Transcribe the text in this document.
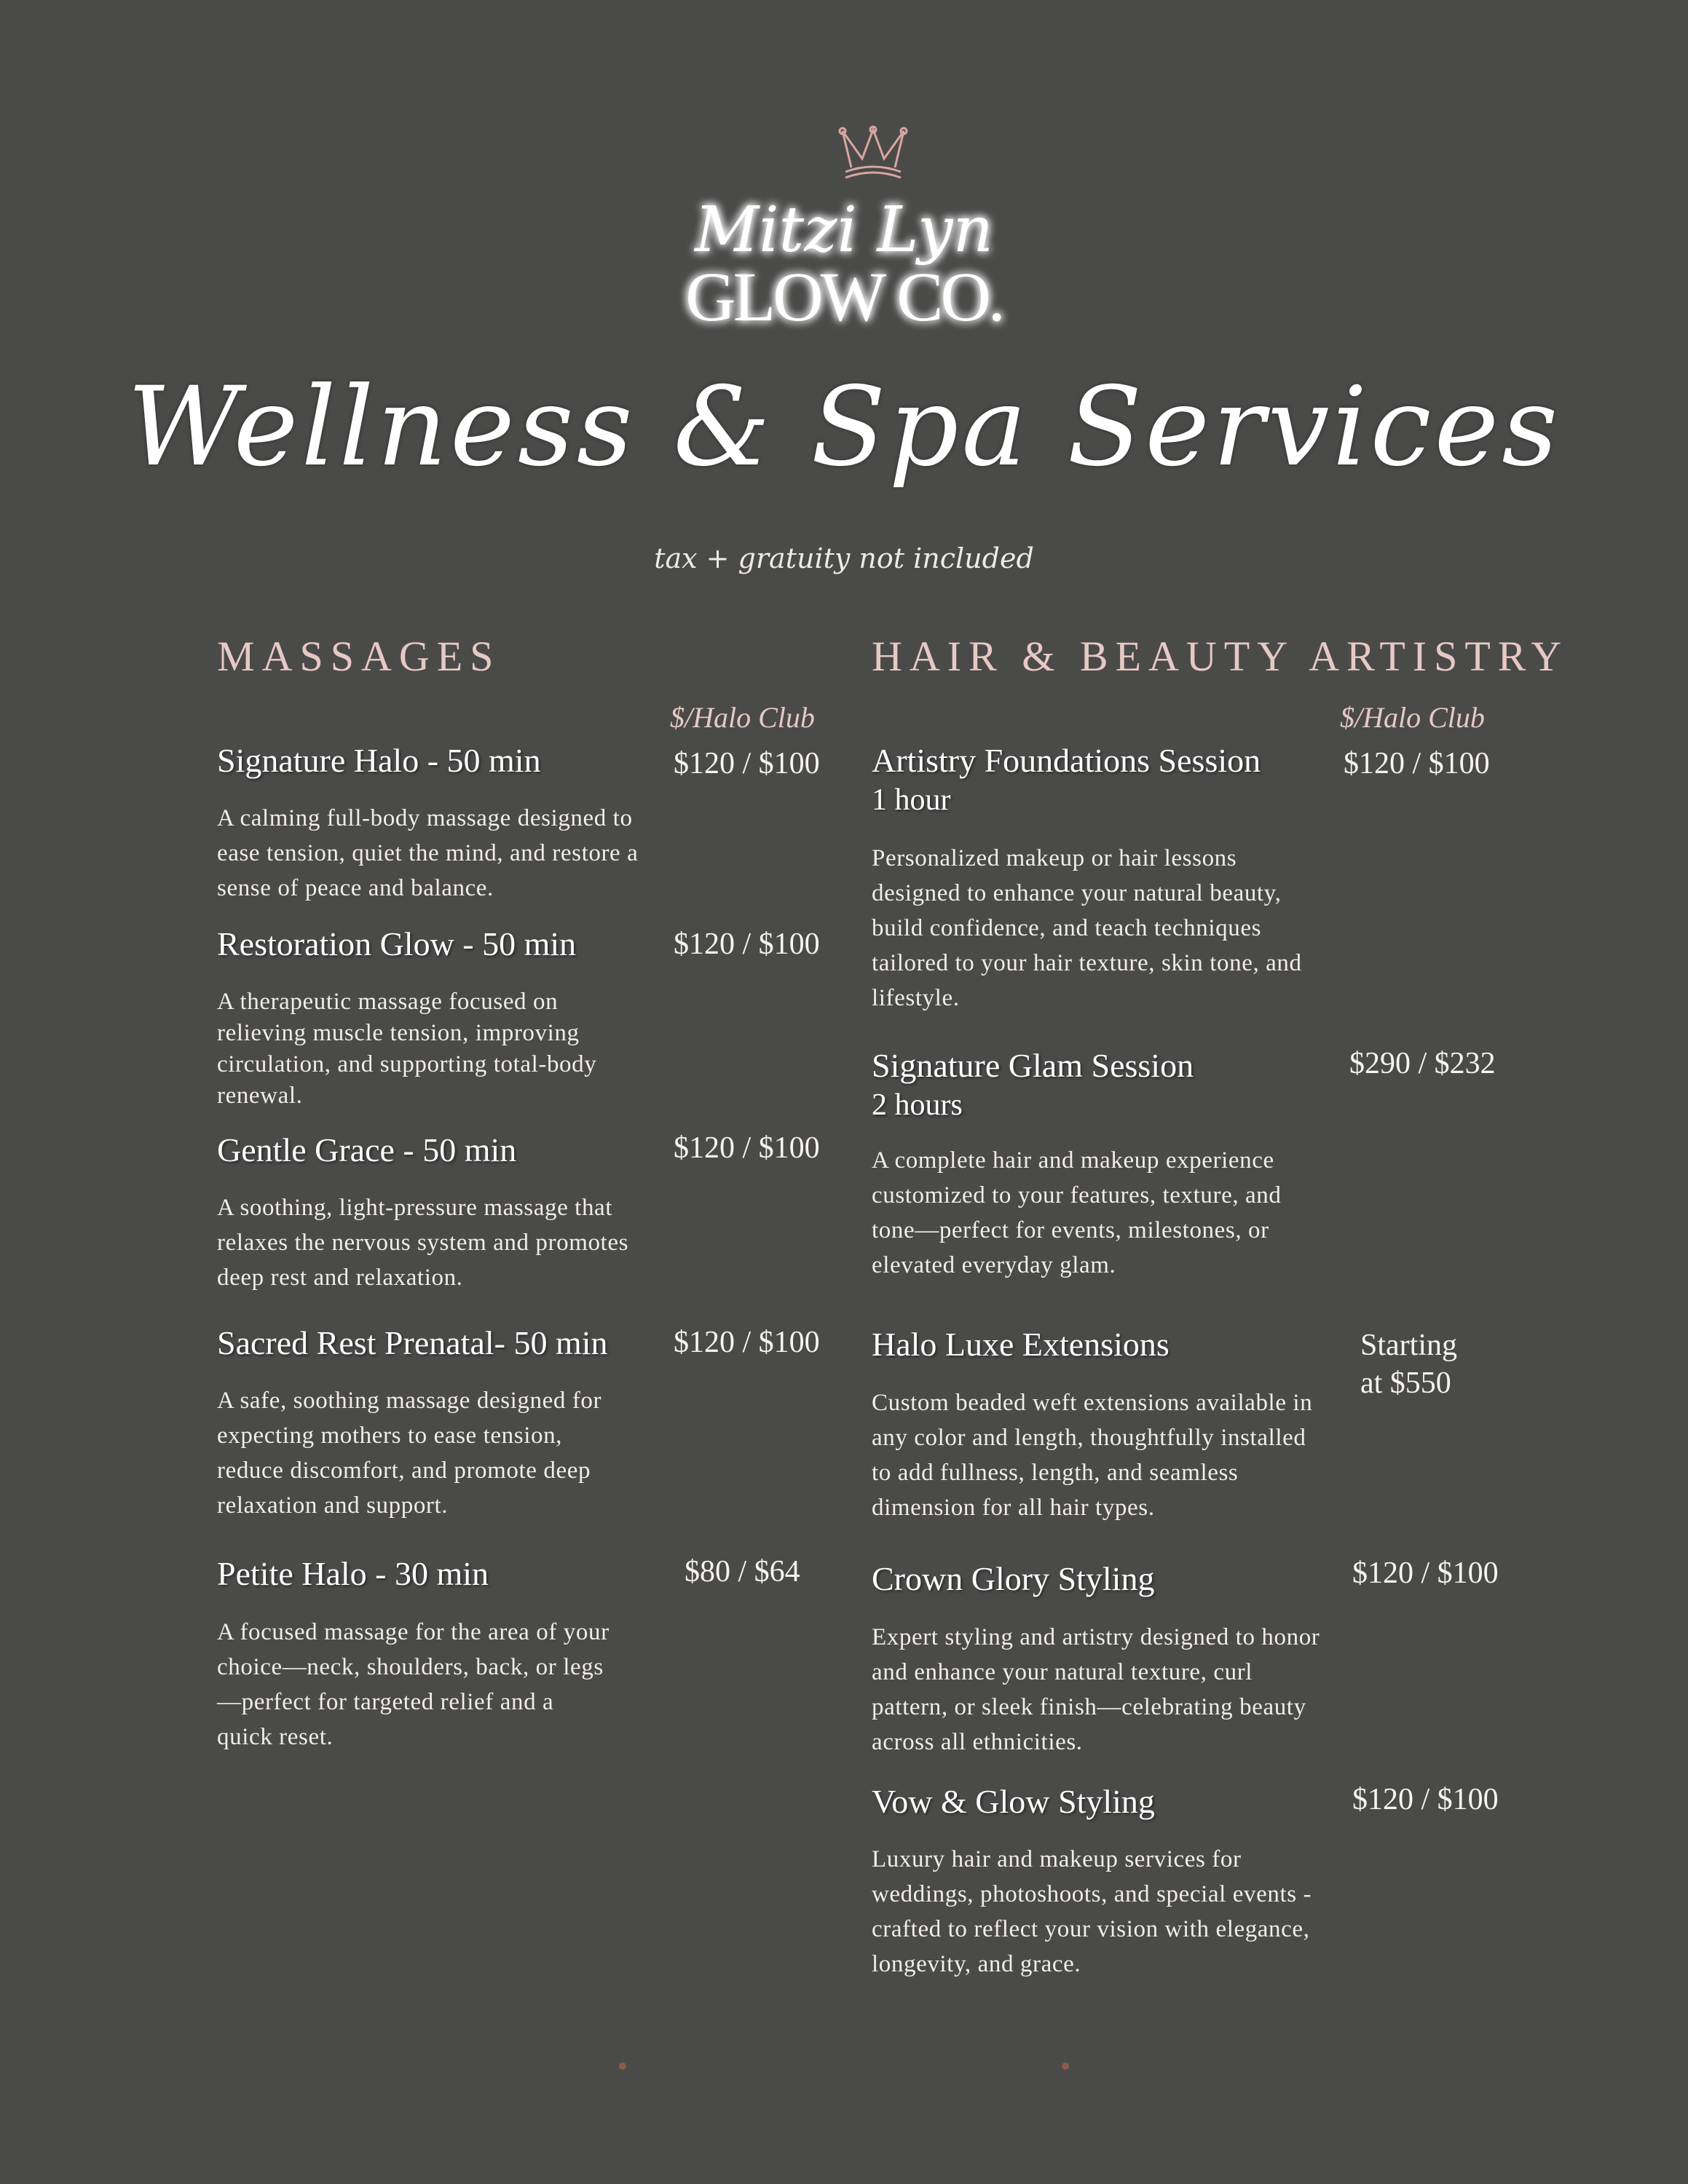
Mitzi Lyn
GLOW CO.
Wellness & Spa Services
tax + gratuity not included
MASSAGES
$/Halo Club
Signature Halo - 50 min	$120 / $100
A calming full-body massage designed to ease tension, quiet the mind, and restore a sense of peace and balance.
Restoration Glow - 50 min	$120 / $100
A therapeutic massage focused on relieving muscle tension, improving circulation, and supporting total-body renewal.
Gentle Grace - 50 min	$120 / $100
A soothing, light-pressure massage that relaxes the nervous system and promotes deep rest and relaxation.
Sacred Rest Prenatal- 50 min $120 / $100
A safe, soothing massage designed for expecting mothers to ease tension, reduce discomfort, and promote deep relaxation and support.
Petite Halo - 30 min	$80 / $64
A focused massage for the area of your choice—neck, shoulders, back, or legs—perfect for targeted relief and a quick reset.
HAIR & BEAUTY ARTISTRY
$/Halo Club
Artistry Foundations Session
1 hour
$120 / $100
Personalized makeup or hair lessons designed to enhance your natural beauty, build confidence, and teach techniques tailored to your hair texture, skin tone, and lifestyle.
Signature Glam Session
2 hours
$290 / $232
A complete hair and makeup experience customized to your features, texture, and tone—perfect for events, milestones, or elevated everyday glam.
Halo Luxe Extensions	Starting at $550
Custom beaded weft extensions available in any color and length, thoughtfully installed to add fullness, length, and seamless dimension for all hair types.
Crown Glory Styling	$120 / $100
Expert styling and artistry designed to honor and enhance your natural texture, curl pattern, or sleek finish—celebrating beauty across all ethnicities.
Vow & Glow Styling	$120 / $100
Luxury hair and makeup services for weddings, photoshoots, and special events - crafted to reflect your vision with elegance, longevity, and grace.
